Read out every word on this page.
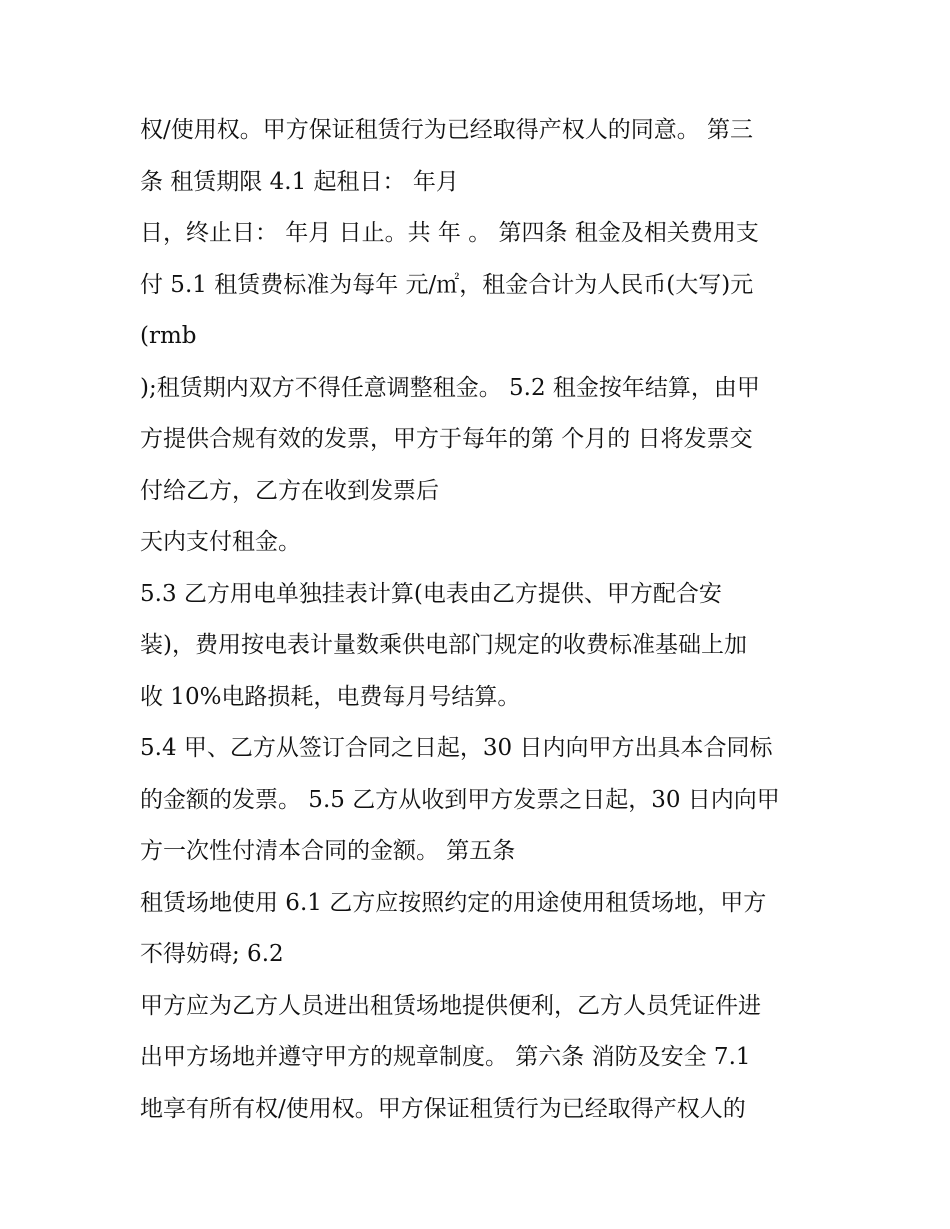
权/使用权。甲方保证租赁行为已经取得产权人的同意。 第三
条 租赁期限 4.1 起租日： 年月
日，终止日： 年月 日止。共 年 。 第四条 租金及相关费用支
付 5.1 租赁费标准为每年 元/㎡，租金合计为人民币(大写)元
(rmb
);租赁期内双方不得任意调整租金。 5.2 租金按年结算，由甲
方提供合规有效的发票，甲方于每年的第 个月的 日将发票交
付给乙方，乙方在收到发票后
天内支付租金。
5.3 乙方用电单独挂表计算(电表由乙方提供、甲方配合安
装)，费用按电表计量数乘供电部门规定的收费标准基础上加
收 10%电路损耗，电费每月号结算。
5.4 甲、乙方从签订合同之日起，30 日内向甲方出具本合同标
的金额的发票。 5.5 乙方从收到甲方发票之日起，30 日内向甲
方一次性付清本合同的金额。 第五条
租赁场地使用 6.1 乙方应按照约定的用途使用租赁场地，甲方
不得妨碍; 6.2
甲方应为乙方人员进出租赁场地提供便利，乙方人员凭证件进
出甲方场地并遵守甲方的规章制度。 第六条 消防及安全 7.1
地享有所有权/使用权。甲方保证租赁行为已经取得产权人的
